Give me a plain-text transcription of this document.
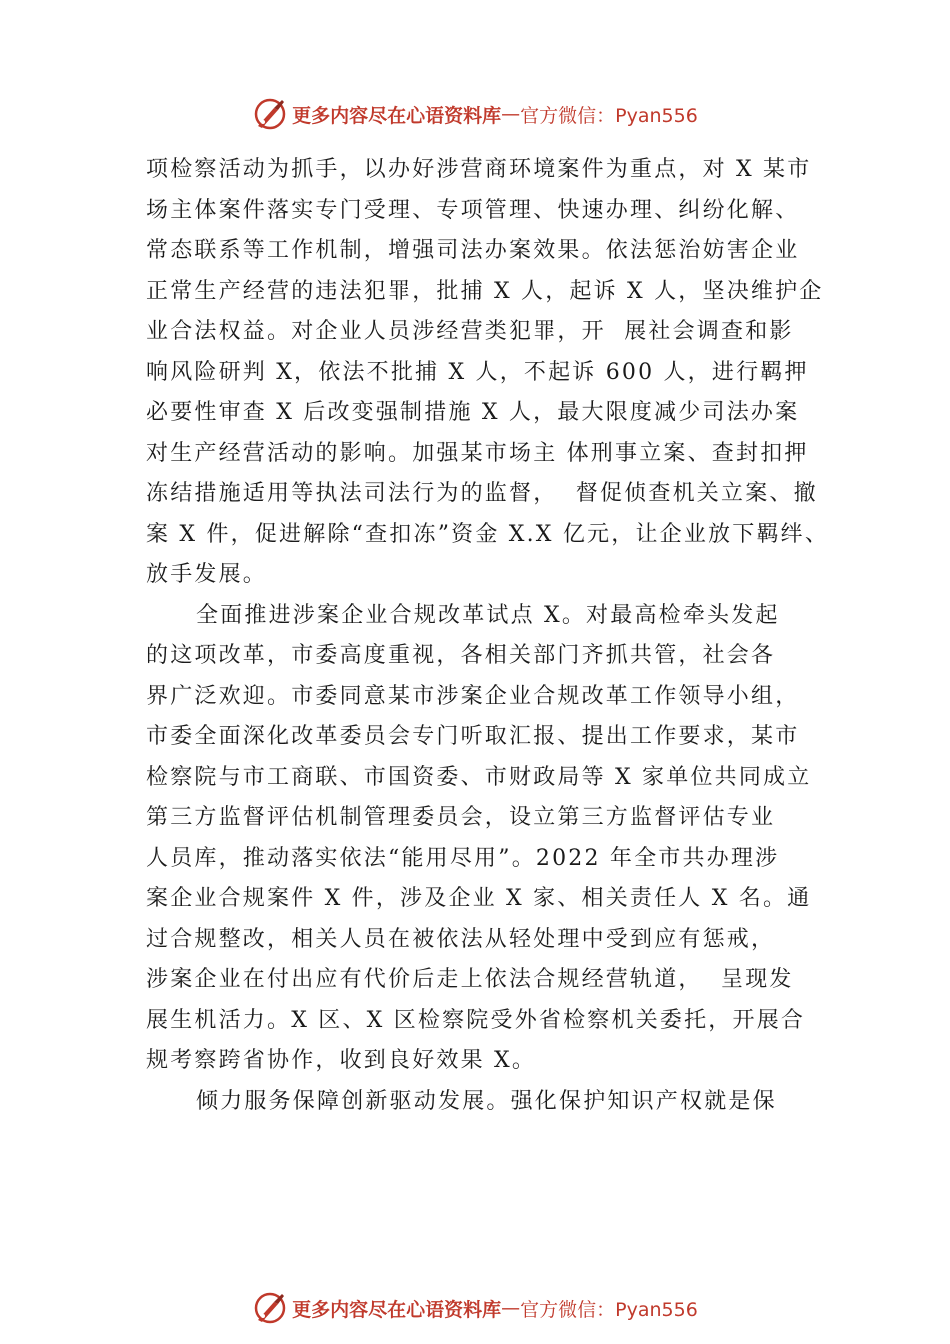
更多内容尽在心语资料库 — 官方微信：Pyan556
项检察活动为抓手，以办好涉营商环境案件为重点，对 X 某市
场主体案件落实专门受理、专项管理、快速办理、纠纷化解、
常态联系等工作机制，增强司法办案效果。依法惩治妨害企业
正常生产经营的违法犯罪，批捕 X 人，起诉 X 人，坚决维护企
业合法权益。对企业人员涉经营类犯罪，开  展社会调查和影
响风险研判 X，依法不批捕 X 人，不起诉 600 人，进行羁押
必要性审查 X 后改变强制措施 X 人，最大限度减少司法办案
对生产经营活动的影响。加强某市场主 体刑事立案、查封扣押
冻结措施适用等执法司法行为的监督，  督促侦查机关立案、撤
案 X 件，促进解除“查扣冻”资金 X.X 亿元，让企业放下羁绊、
放手发展。
全面推进涉案企业合规改革试点 X。对最高检牵头发起
的这项改革，市委高度重视，各相关部门齐抓共管，社会各
界广泛欢迎。市委同意某市涉案企业合规改革工作领导小组，
市委全面深化改革委员会专门听取汇报、提出工作要求，某市
检察院与市工商联、市国资委、市财政局等 X 家单位共同成立
第三方监督评估机制管理委员会，设立第三方监督评估专业
人员库，推动落实依法“能用尽用”。2022 年全市共办理涉
案企业合规案件 X 件，涉及企业 X 家、相关责任人 X 名。通
过合规整改，相关人员在被依法从轻处理中受到应有惩戒，
涉案企业在付出应有代价后走上依法合规经营轨道，  呈现发
展生机活力。X 区、X 区检察院受外省检察机关委托，开展合
规考察跨省协作，收到良好效果 X。
倾力服务保障创新驱动发展。强化保护知识产权就是保
更多内容尽在心语资料库 — 官方微信：Pyan556
